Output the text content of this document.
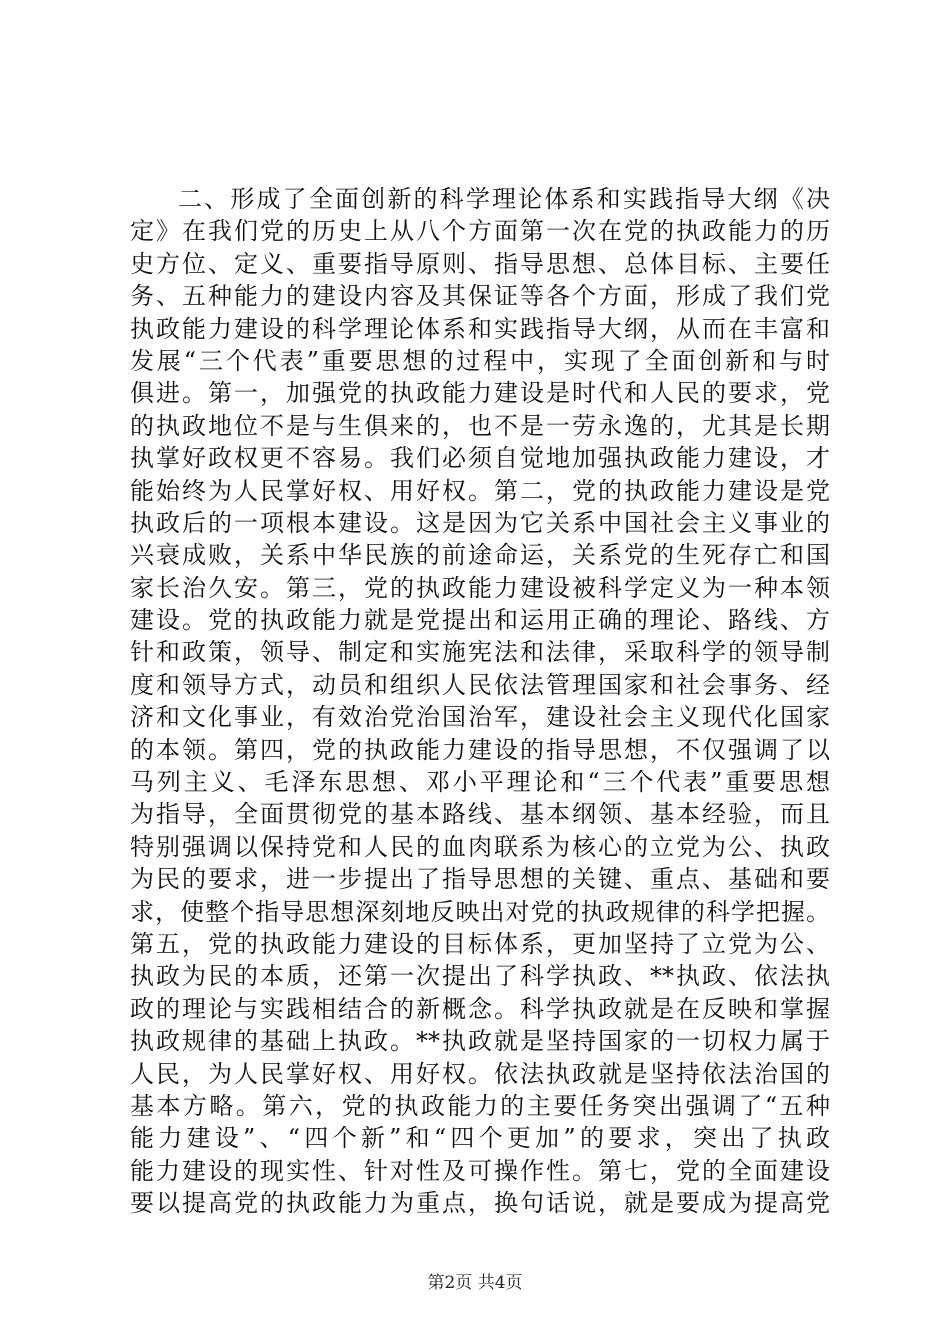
二、形成了全面创新的科学理论体系和实践指导大纲《决
定》在我们党的历史上从八个方面第一次在党的执政能力的历
史方位、定义、重要指导原则、指导思想、总体目标、主要任
务、五种能力的建设内容及其保证等各个方面，形成了我们党
执政能力建设的科学理论体系和实践指导大纲，从而在丰富和
发展“三个代表”重要思想的过程中，实现了全面创新和与时
俱进。第一，加强党的执政能力建设是时代和人民的要求，党
的执政地位不是与生俱来的，也不是一劳永逸的，尤其是长期
执掌好政权更不容易。我们必须自觉地加强执政能力建设，才
能始终为人民掌好权、用好权。第二，党的执政能力建设是党
执政后的一项根本建设。这是因为它关系中国社会主义事业的
兴衰成败，关系中华民族的前途命运，关系党的生死存亡和国
家长治久安。第三，党的执政能力建设被科学定义为一种本领
建设。党的执政能力就是党提出和运用正确的理论、路线、方
针和政策，领导、制定和实施宪法和法律，采取科学的领导制
度和领导方式，动员和组织人民依法管理国家和社会事务、经
济和文化事业，有效治党治国治军，建设社会主义现代化国家
的本领。第四，党的执政能力建设的指导思想，不仅强调了以
马列主义、毛泽东思想、邓小平理论和“三个代表”重要思想
为指导，全面贯彻党的基本路线、基本纲领、基本经验，而且
特别强调以保持党和人民的血肉联系为核心的立党为公、执政
为民的要求，进一步提出了指导思想的关键、重点、基础和要
求，使整个指导思想深刻地反映出对党的执政规律的科学把握。
第五，党的执政能力建设的目标体系，更加坚持了立党为公、
执政为民的本质，还第一次提出了科学执政、**执政、依法执
政的理论与实践相结合的新概念。科学执政就是在反映和掌握
执政规律的基础上执政。**执政就是坚持国家的一切权力属于
人民，为人民掌好权、用好权。依法执政就是坚持依法治国的
基本方略。第六，党的执政能力的主要任务突出强调了“五种
能力建设”、“四个新”和“四个更加”的要求，突出了执政
能力建设的现实性、针对性及可操作性。第七，党的全面建设
要以提高党的执政能力为重点，换句话说，就是要成为提高党
第2页 共4页
